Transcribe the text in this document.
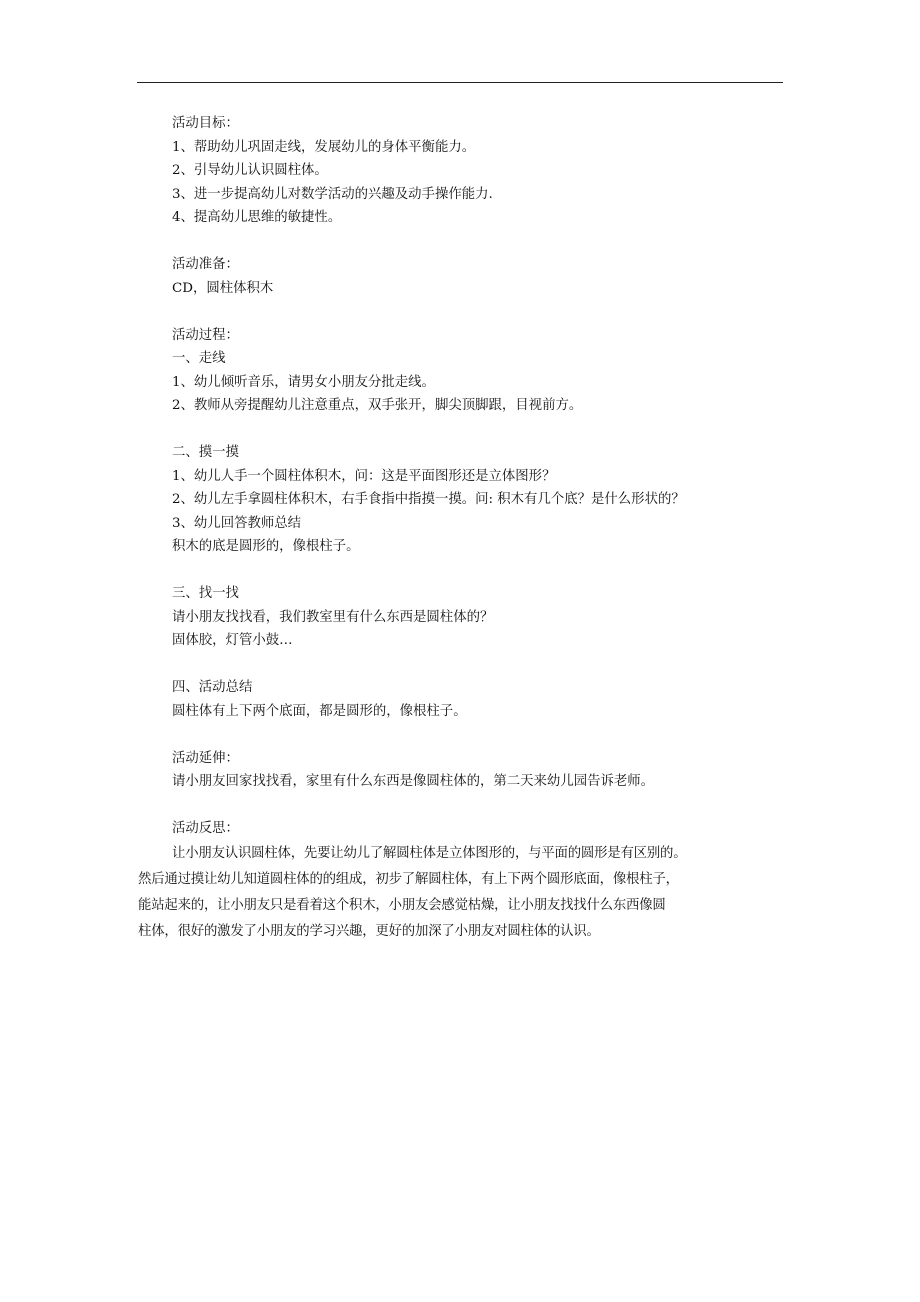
活动目标：
1、帮助幼儿巩固走线，发展幼儿的身体平衡能力。
2、引导幼儿认识圆柱体。
3、进一步提高幼儿对数学活动的兴趣及动手操作能力.
4、提高幼儿思维的敏捷性。
活动准备：
CD，圆柱体积木
活动过程：
一、走线
1、幼儿倾听音乐，请男女小朋友分批走线。
2、教师从旁提醒幼儿注意重点，双手张开，脚尖顶脚跟，目视前方。
二、摸一摸
1、幼儿人手一个圆柱体积木，问：这是平面图形还是立体图形？
2、幼儿左手拿圆柱体积木，右手食指中指摸一摸。问: 积木有几个底？是什么形状的？
3、幼儿回答教师总结
积木的底是圆形的，像根柱子。
三、找一找
请小朋友找找看，我们教室里有什么东西是圆柱体的？
固体胶，灯管小鼓…
四、活动总结
圆柱体有上下两个底面，都是圆形的，像根柱子。
活动延伸：
请小朋友回家找找看，家里有什么东西是像圆柱体的，第二天来幼儿园告诉老师。
活动反思：
让小朋友认识圆柱体，先要让幼儿了解圆柱体是立体图形的，与平面的圆形是有区别的。
然后通过摸让幼儿知道圆柱体的的组成，初步了解圆柱体，有上下两个圆形底面，像根柱子，
能站起来的，让小朋友只是看着这个积木，小朋友会感觉枯燥，让小朋友找找什么东西像圆
柱体，很好的激发了小朋友的学习兴趣，更好的加深了小朋友对圆柱体的认识。
